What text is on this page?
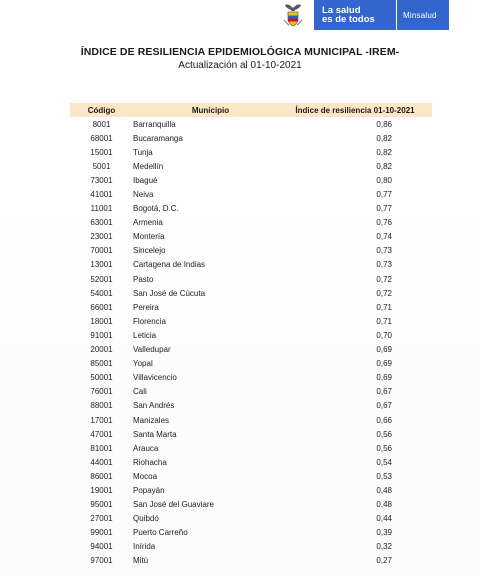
La salud
es de todos	Minsalud
ÍNDICE DE RESILIENCIA EPIDEMIOLÓGICA MUNICIPAL -IREM-
Actualización al 01-10-2021
Código	Municipio	Índice de resiliencia 01-10-2021
8001	Barranquilla	0,86
68001	Bucaramanga	0,82
15001	Tunja	0,82
5001	Medellín	0,82
73001	Ibagué	0,80
41001	Neiva	0,77
11001	Bogotá, D.C.	0,77
63001	Armenia	0,76
23001	Montería	0,74
70001	Sincelejo	0,73
13001	Cartagena de Indias	0,73
52001	Pasto	0,72
54001	San José de Cúcuta	0,72
66001	Pereira	0,71
18001	Florencia	0,71
91001	Leticia	0,70
20001	Valledupar	0,69
85001	Yopal	0,69
50001	Villavicencio	0,69
76001	Cali	0,67
88001	San Andrés	0,67
17001	Manizales	0,66
47001	Santa Marta	0,56
81001	Arauca	0,56
44001	Riohacha	0,54
86001	Mocoa	0,53
19001	Popayán	0,48
95001	San José del Guaviare	0,48
27001	Quibdó	0,44
99001	Puerto Carreño	0,39
94001	Inírida	0,32
97001	Mitú	0,27
